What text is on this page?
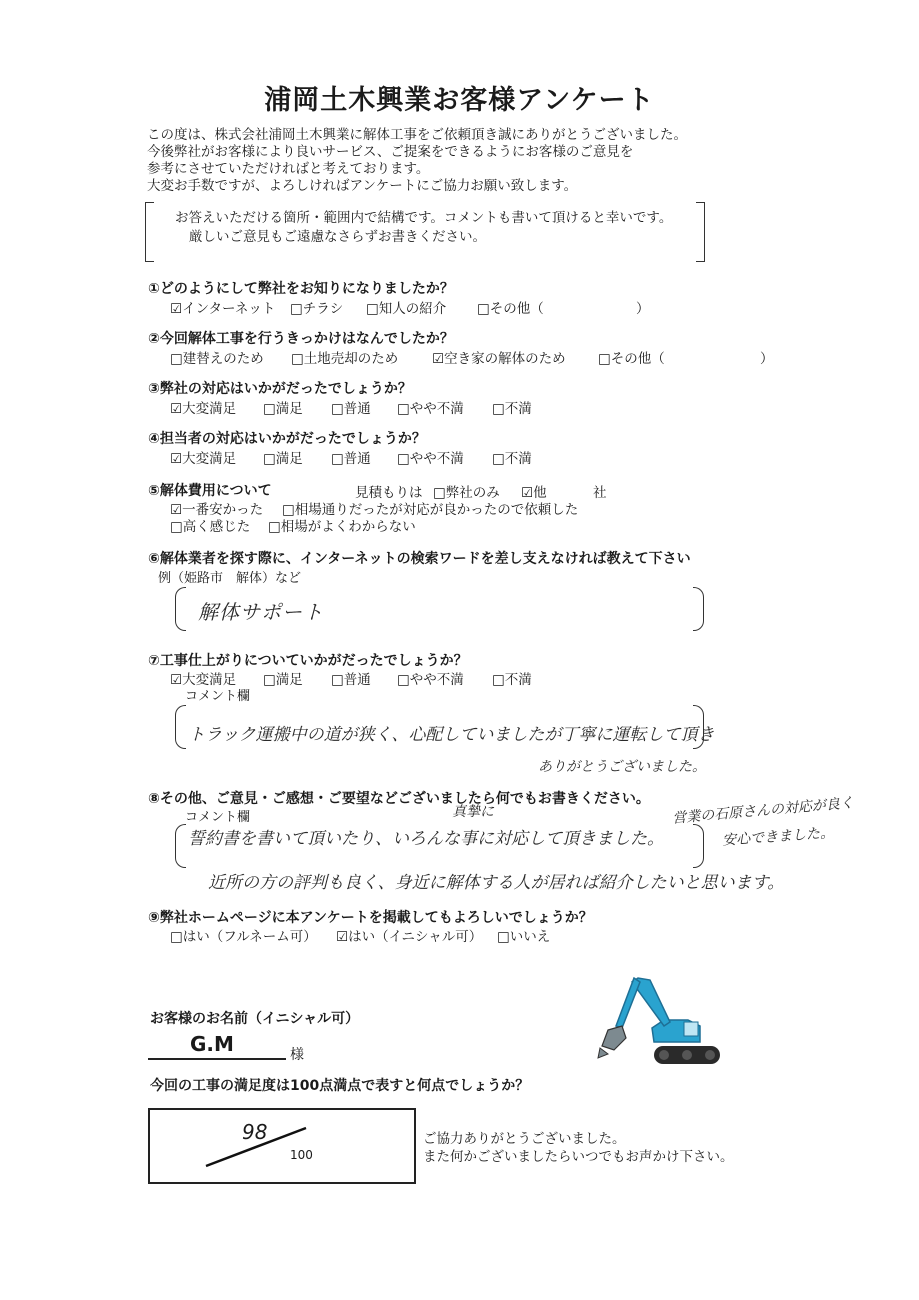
浦岡土木興業お客様アンケート
この度は、株式会社浦岡土木興業に解体工事をご依頼頂き誠にありがとうございました。
今後弊社がお客様により良いサービス、ご提案をできるようにお客様のご意見を
参考にさせていただければと考えております。
大変お手数ですが、よろしければアンケートにご協力お願い致します。
お答えいただける箇所・範囲内で結構です。コメントも書いて頂けると幸いです。
厳しいご意見もご遠慮なさらずお書きください。
①どのようにして弊社をお知りになりましたか？
☑インターネット □チラシ □知人の紹介 □その他（	）
②今回解体工事を行うきっかけはなんでしたか？
□建替えのため □土地売却のため ☑空き家の解体のため □その他（	）
③弊社の対応はいかがだったでしょうか？
☑大変満足 □満足 □普通 □やや不満 □不満
④担当者の対応はいかがだったでしょうか？
☑大変満足 □満足 □普通 □やや不満 □不満
⑤解体費用について	見積もりは □弊社のみ ☑他	社
☑一番安かった □相場通りだったが対応が良かったので依頼した
□高く感じた □相場がよくわからない
⑥解体業者を探す際に、インターネットの検索ワードを差し支えなければ教えて下さい
例（姫路市　解体）など
解体サポート
⑦工事仕上がりについていかがだったでしょうか？
☑大変満足 □満足 □普通 □やや不満 □不満
コメント欄
トラック運搬中の道が狭く、心配していましたが丁寧に運転して頂き
ありがとうございました。
⑧その他、ご意見・ご感想・ご要望などございましたら何でもお書きください。
コメント欄	真摯に
誓約書を書いて頂いたり、いろんな事に対応して頂きました。
営業の石原さんの対応が良く
安心できました。
近所の方の評判も良く、身近に解体する人が居れば紹介したいと思います。
⑨弊社ホームページに本アンケートを掲載してもよろしいでしょうか？
□はい（フルネーム可） ☑はい（イニシャル可） □いいえ
お客様のお名前（イニシャル可）
G.M	様
今回の工事の満足度は100点満点で表すと何点でしょうか？
98
100
ご協力ありがとうございました。
また何かございましたらいつでもお声かけ下さい。
